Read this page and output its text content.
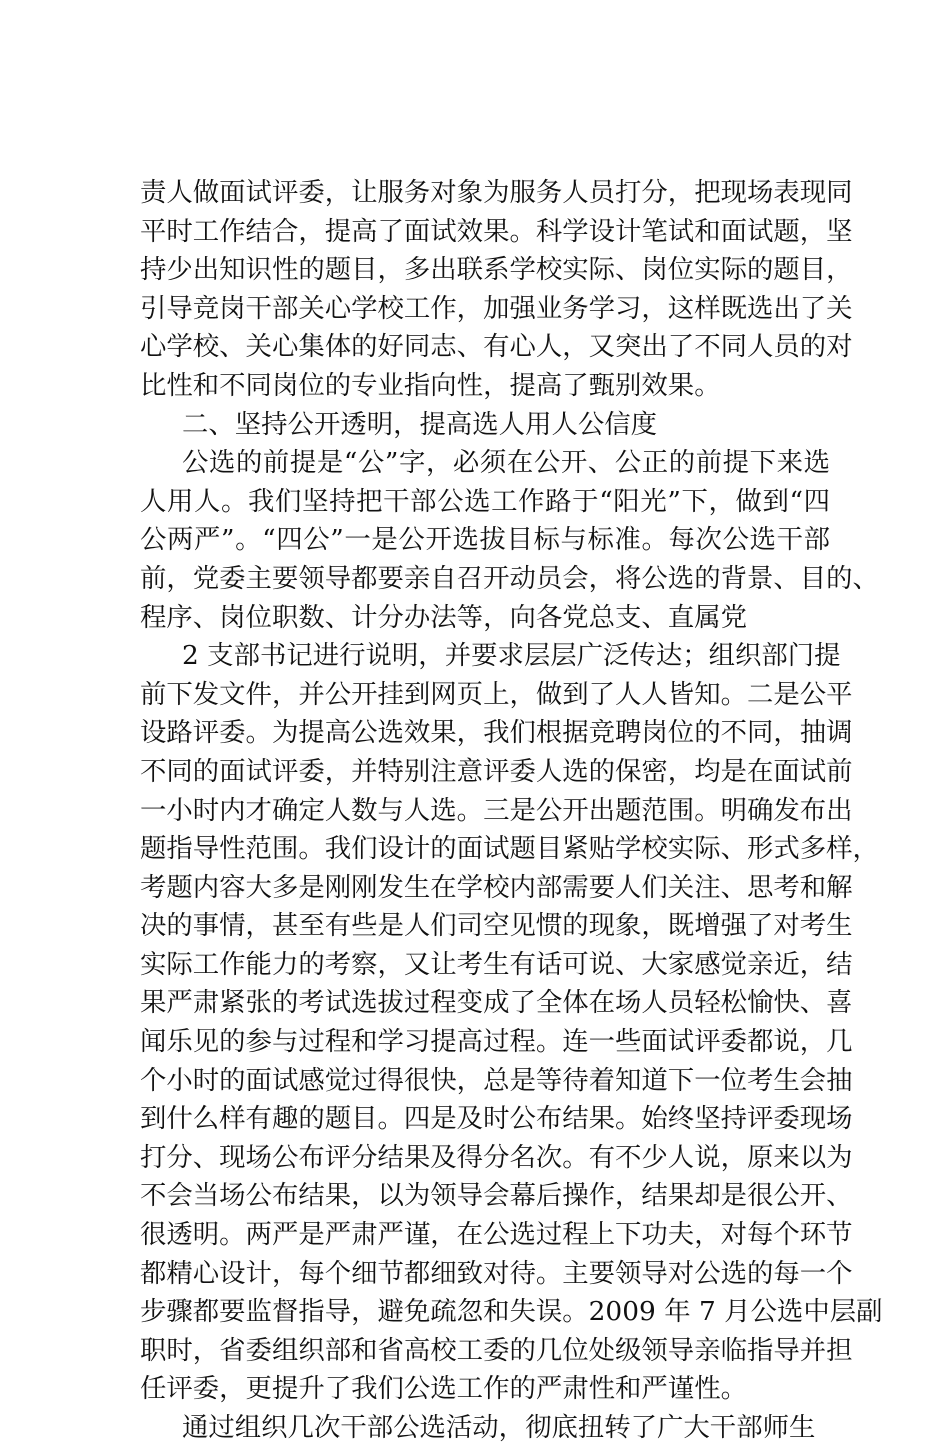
责人做面试评委，让服务对象为服务人员打分，把现场表现同
平时工作结合，提高了面试效果。科学设计笔试和面试题，坚
持少出知识性的题目，多出联系学校实际、岗位实际的题目，
引导竞岗干部关心学校工作，加强业务学习，这样既选出了关
心学校、关心集体的好同志、有心人，又突出了不同人员的对
比性和不同岗位的专业指向性，提高了甄别效果。
二、坚持公开透明，提高选人用人公信度
公选的前提是“公”字，必须在公开、公正的前提下来选
人用人。我们坚持把干部公选工作路于“阳光”下，做到“四
公两严”。“四公”一是公开选拔目标与标准。每次公选干部
前，党委主要领导都要亲自召开动员会，将公选的背景、目的、
程序、岗位职数、计分办法等，向各党总支、直属党
2 支部书记进行说明，并要求层层广泛传达；组织部门提
前下发文件，并公开挂到网页上，做到了人人皆知。二是公平
设路评委。为提高公选效果，我们根据竞聘岗位的不同，抽调
不同的面试评委，并特别注意评委人选的保密，均是在面试前
一小时内才确定人数与人选。三是公开出题范围。明确发布出
题指导性范围。我们设计的面试题目紧贴学校实际、形式多样，
考题内容大多是刚刚发生在学校内部需要人们关注、思考和解
决的事情，甚至有些是人们司空见惯的现象，既增强了对考生
实际工作能力的考察，又让考生有话可说、大家感觉亲近，结
果严肃紧张的考试选拔过程变成了全体在场人员轻松愉快、喜
闻乐见的参与过程和学习提高过程。连一些面试评委都说，几
个小时的面试感觉过得很快，总是等待着知道下一位考生会抽
到什么样有趣的题目。四是及时公布结果。始终坚持评委现场
打分、现场公布评分结果及得分名次。有不少人说，原来以为
不会当场公布结果，以为领导会幕后操作，结果却是很公开、
很透明。两严是严肃严谨，在公选过程上下功夫，对每个环节
都精心设计，每个细节都细致对待。主要领导对公选的每一个
步骤都要监督指导，避免疏忽和失误。2009 年 7 月公选中层副
职时，省委组织部和省高校工委的几位处级领导亲临指导并担
任评委，更提升了我们公选工作的严肃性和严谨性。
通过组织几次干部公选活动，彻底扭转了广大干部师生
